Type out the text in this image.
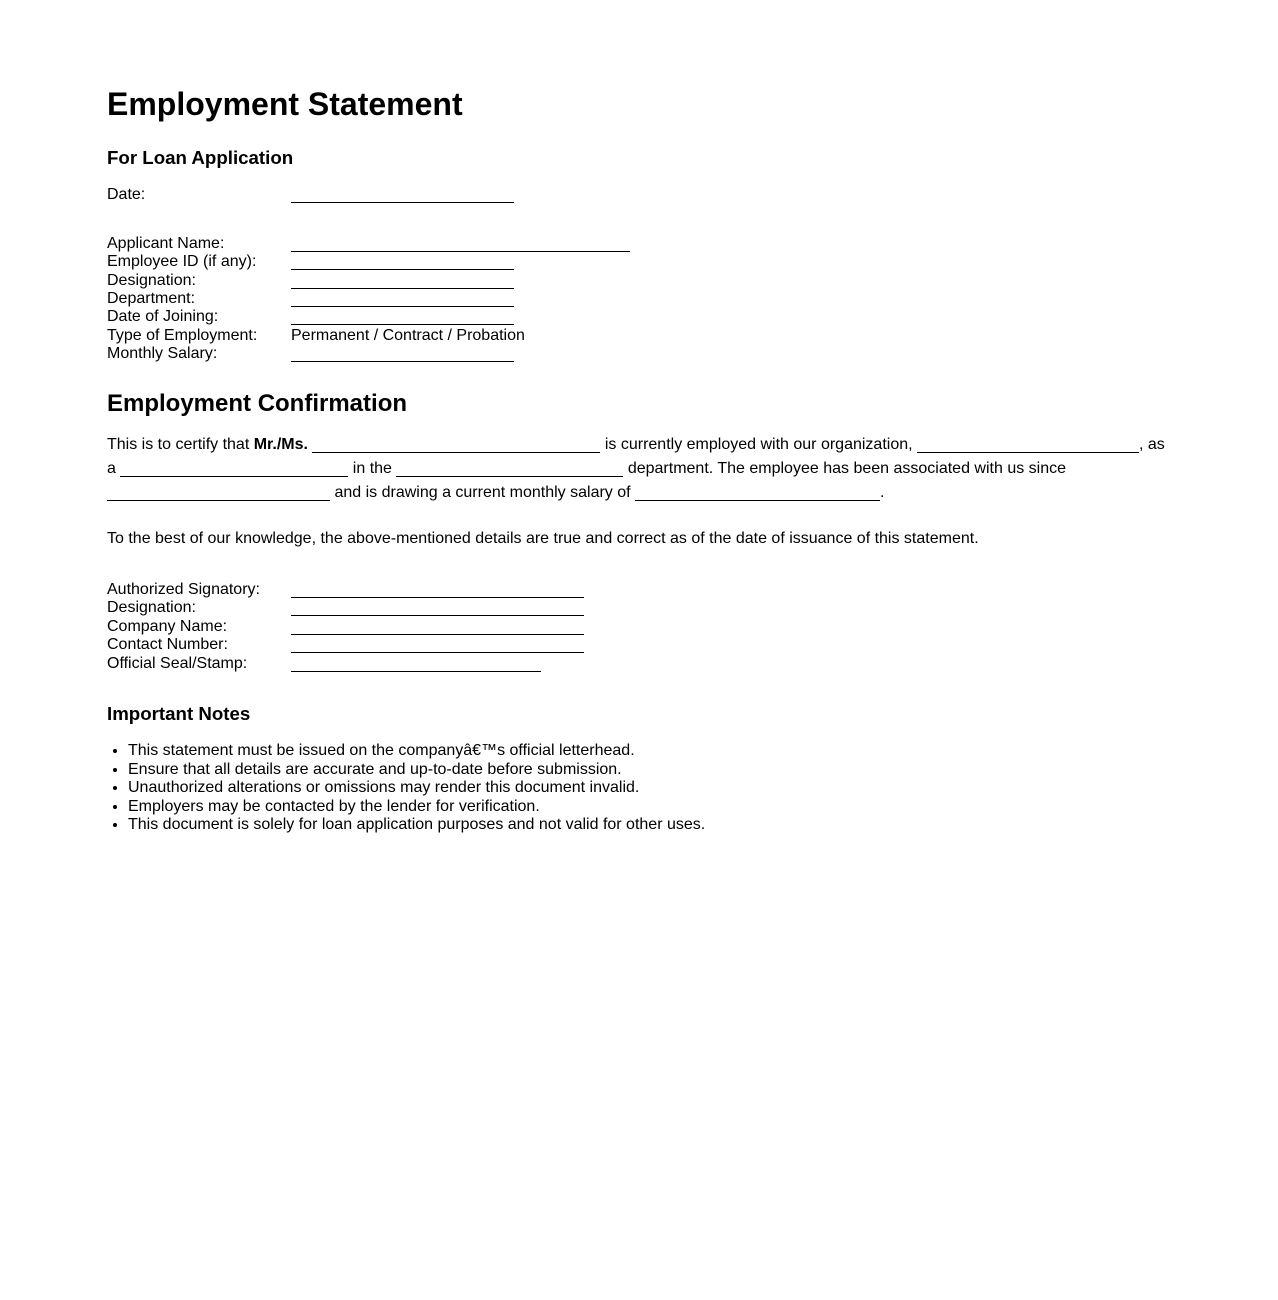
Employment Statement
For Loan Application

Date:

Applicant Name:
Employee ID (if any):
Designation:
Department:
Date of Joining:
Type of Employment: Permanent / Contract / Probation
Monthly Salary:
Employment Confirmation

This is to certify that Mr./Ms.	is currently employed with our organization,	, as a	in the	department. The employee has been associated with us since  and is drawing a current monthly salary of	.

To the best of our knowledge, the above-mentioned details are true and correct as of the date of issuance of this statement.

Authorized Signatory:
Designation:
Company Name:
Contact Number:
Official Seal/Stamp:
Important Notes
• This statement must be issued on the companyâ€™s official letterhead.
• Ensure that all details are accurate and up-to-date before submission.
• Unauthorized alterations or omissions may render this document invalid.
• Employers may be contacted by the lender for verification.
• This document is solely for loan application purposes and not valid for other uses.
